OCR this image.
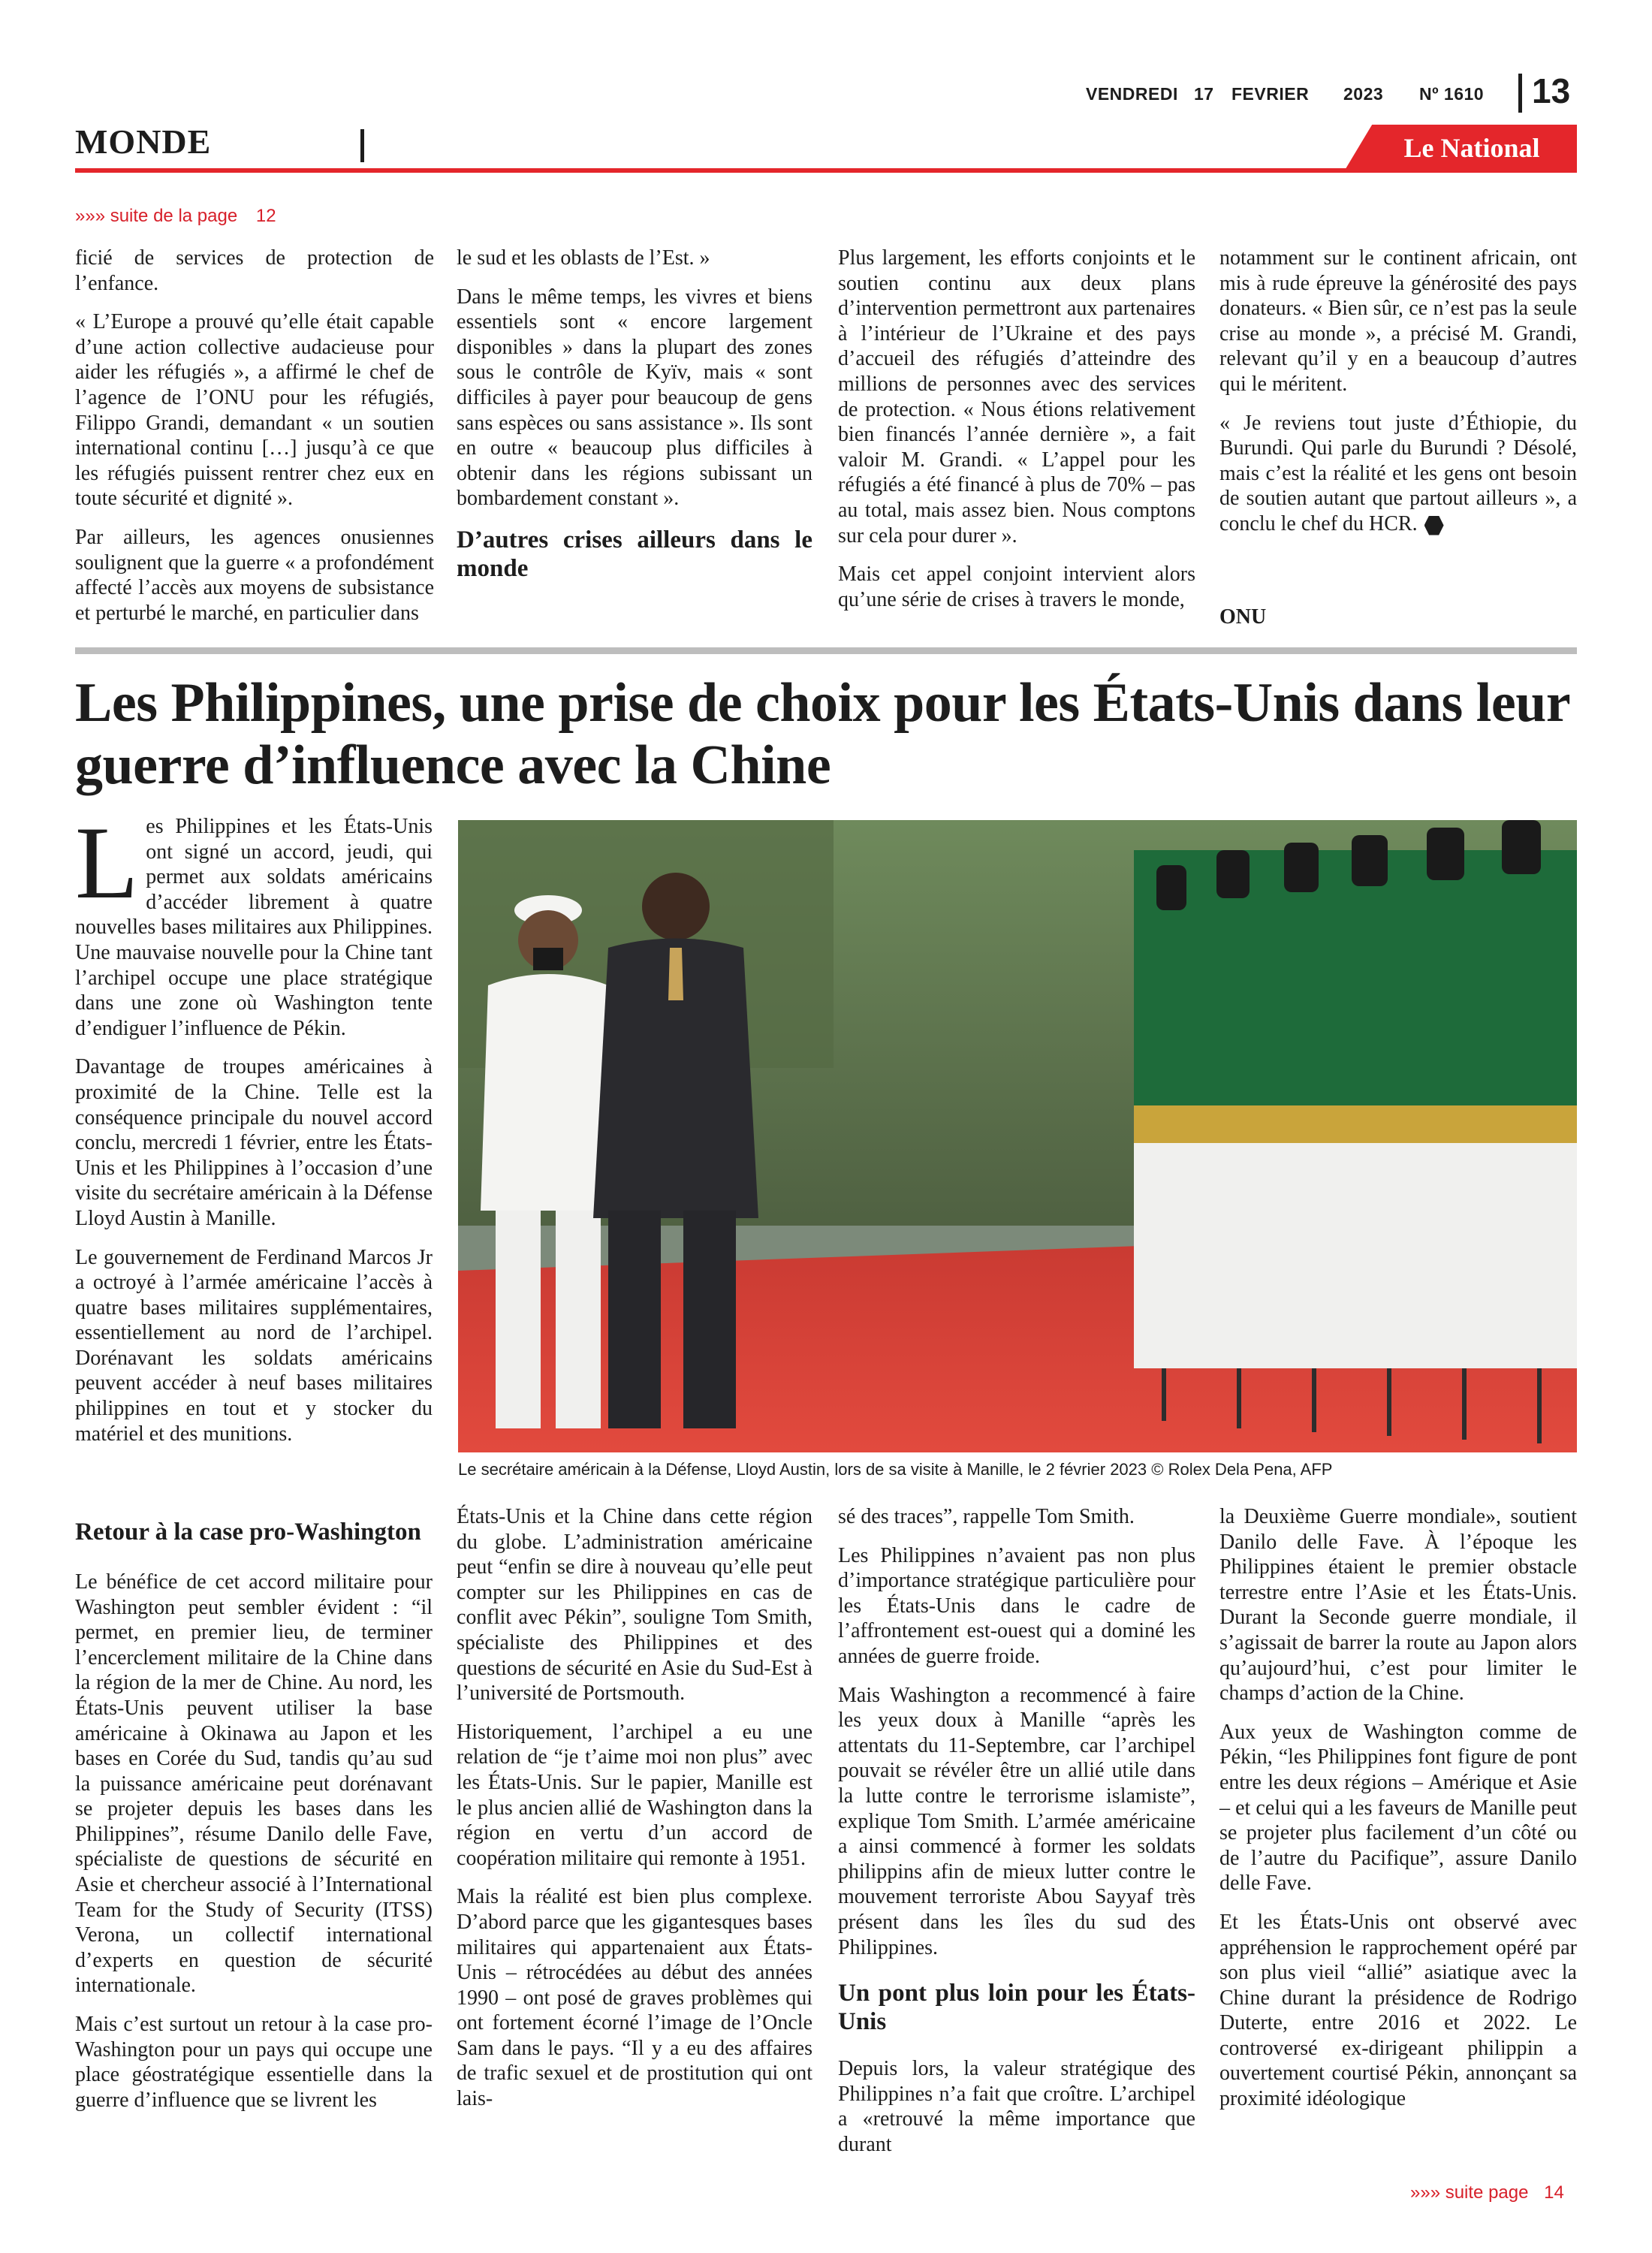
VENDREDI 17 FEVRIER 2023 Nº 1610 13
MONDE	Le National
»»» suite de la page 12

ficié de services de protection de l’enfance.

« L’Europe a prouvé qu’elle était capable d’une action collective audacieuse pour aider les réfugiés », a affirmé le chef de l’agence de l’ONU pour les réfugiés, Filippo Grandi, demandant « un soutien international continu […] jusqu’à ce que les réfugiés puissent rentrer chez eux en toute sécurité et dignité ».

Par ailleurs, les agences onusiennes soulignent que la guerre « a profondément affecté l’accès aux moyens de subsistance et perturbé le marché, en particulier dans

le sud et les oblasts de l’Est. »

Dans le même temps, les vivres et biens essentiels sont « encore largement disponibles » dans la plupart des zones sous le contrôle de Kyïv, mais « sont difficiles à payer pour beaucoup de gens sans espèces ou sans assistance ». Ils sont en outre « beaucoup plus difficiles à obtenir dans les régions subissant un bombardement constant ».

D’autres crises ailleurs dans le monde

Plus largement, les efforts conjoints et le soutien continu aux deux plans d’intervention permettront aux partenaires à l’intérieur de l’Ukraine et des pays d’accueil des réfugiés d’atteindre des millions de personnes avec des services de protection. « Nous étions relativement bien financés l’année dernière », a fait valoir M. Grandi. « L’appel pour les réfugiés a été financé à plus de 70% – pas au total, mais assez bien. Nous comptons sur cela pour durer ».

Mais cet appel conjoint intervient alors qu’une série de crises à travers le monde,

notamment sur le continent africain, ont mis à rude épreuve la générosité des pays donateurs. « Bien sûr, ce n’est pas la seule crise au monde », a précisé M. Grandi, relevant qu’il y en a beaucoup d’autres qui le méritent.

« Je reviens tout juste d’Éthiopie, du Burundi. Qui parle du Burundi ? Désolé, mais c’est la réalité et les gens ont besoin de soutien autant que partout ailleurs », a conclu le chef du HCR.

ONU
Les Philippines, une prise de choix pour les États-Unis dans leur guerre d’influence avec la Chine

Les Philippines et les États-Unis ont signé un accord, jeudi, qui permet aux soldats américains d’accéder librement à quatre nouvelles bases militaires aux Philippines. Une mauvaise nouvelle pour la Chine tant l’archipel occupe une place stratégique dans une zone où Washington tente d’endiguer l’influence de Pékin.

Davantage de troupes américaines à proximité de la Chine. Telle est la conséquence principale du nouvel accord conclu, mercredi 1 février, entre les États-Unis et les Philippines à l’occasion d’une visite du secrétaire américain à la Défense Lloyd Austin à Manille.

Le gouvernement de Ferdinand Marcos Jr a octroyé à l’armée américaine l’accès à quatre bases militaires supplémentaires, essentiellement au nord de l’archipel. Dorénavant les soldats américains peuvent accéder à neuf bases militaires philippines en tout et y stocker du matériel et des munitions.

Le secrétaire américain à la Défense, Lloyd Austin, lors de sa visite à Manille, le 2 février 2023 © Rolex Dela Pena, AFP
Retour à la case pro-Washington

Le bénéfice de cet accord militaire pour Washington peut sembler évident : “il permet, en premier lieu, de terminer l’encerclement militaire de la Chine dans la région de la mer de Chine. Au nord, les États-Unis peuvent utiliser la base américaine à Okinawa au Japon et les bases en Corée du Sud, tandis qu’au sud la puissance américaine peut dorénavant se projeter depuis les bases dans les Philippines”, résume Danilo delle Fave, spécialiste de questions de sécurité en Asie et chercheur associé à l’International Team for the Study of Security (ITSS) Verona, un collectif international d’experts en question de sécurité internationale.

Mais c’est surtout un retour à la case pro-Washington pour un pays qui occupe une place géostratégique essentielle dans la guerre d’influence que se livrent les

États-Unis et la Chine dans cette région du globe. L’administration américaine peut “enfin se dire à nouveau qu’elle peut compter sur les Philippines en cas de conflit avec Pékin”, souligne Tom Smith, spécialiste des Philippines et des questions de sécurité en Asie du Sud-Est à l’université de Portsmouth.

Historiquement, l’archipel a eu une relation de “je t’aime moi non plus” avec les États-Unis. Sur le papier, Manille est le plus ancien allié de Washington dans la région en vertu d’un accord de coopération militaire qui remonte à 1951.

Mais la réalité est bien plus complexe. D’abord parce que les gigantesques bases militaires qui appartenaient aux États-Unis – rétrocédées au début des années 1990 – ont posé de graves problèmes qui ont fortement écorné l’image de l’Oncle Sam dans le pays. “Il y a eu des affaires de trafic sexuel et de prostitution qui ont lais-

sé des traces”, rappelle Tom Smith.

Les Philippines n’avaient pas non plus d’importance stratégique particulière pour les États-Unis dans le cadre de l’affrontement est-ouest qui a dominé les années de guerre froide.

Mais Washington a recommencé à faire les yeux doux à Manille “après les attentats du 11-Septembre, car l’archipel pouvait se révéler être un allié utile dans la lutte contre le terrorisme islamiste”, explique Tom Smith. L’armée américaine a ainsi commencé à former les soldats philippins afin de mieux lutter contre le mouvement terroriste Abou Sayyaf très présent dans les îles du sud des Philippines.

Un pont plus loin pour les États-Unis

Depuis lors, la valeur stratégique des Philippines n’a fait que croître. L’archipel a «retrouvé la même importance que durant

la Deuxième Guerre mondiale», soutient Danilo delle Fave. À l’époque les Philippines étaient le premier obstacle terrestre entre l’Asie et les États-Unis. Durant la Seconde guerre mondiale, il s’agissait de barrer la route au Japon alors qu’aujourd’hui, c’est pour limiter le champs d’action de la Chine.

Aux yeux de Washington comme de Pékin, “les Philippines font figure de pont entre les deux régions – Amérique et Asie – et celui qui a les faveurs de Manille peut se projeter plus facilement d’un côté ou de l’autre du Pacifique”, assure Danilo delle Fave.

Et les États-Unis ont observé avec appréhension le rapprochement opéré par son plus vieil “allié” asiatique avec la Chine durant la présidence de Rodrigo Duterte, entre 2016 et 2022. Le controversé ex-dirigeant philippin a ouvertement courtisé Pékin, annonçant sa proximité idéologique

»»» suite page 14
